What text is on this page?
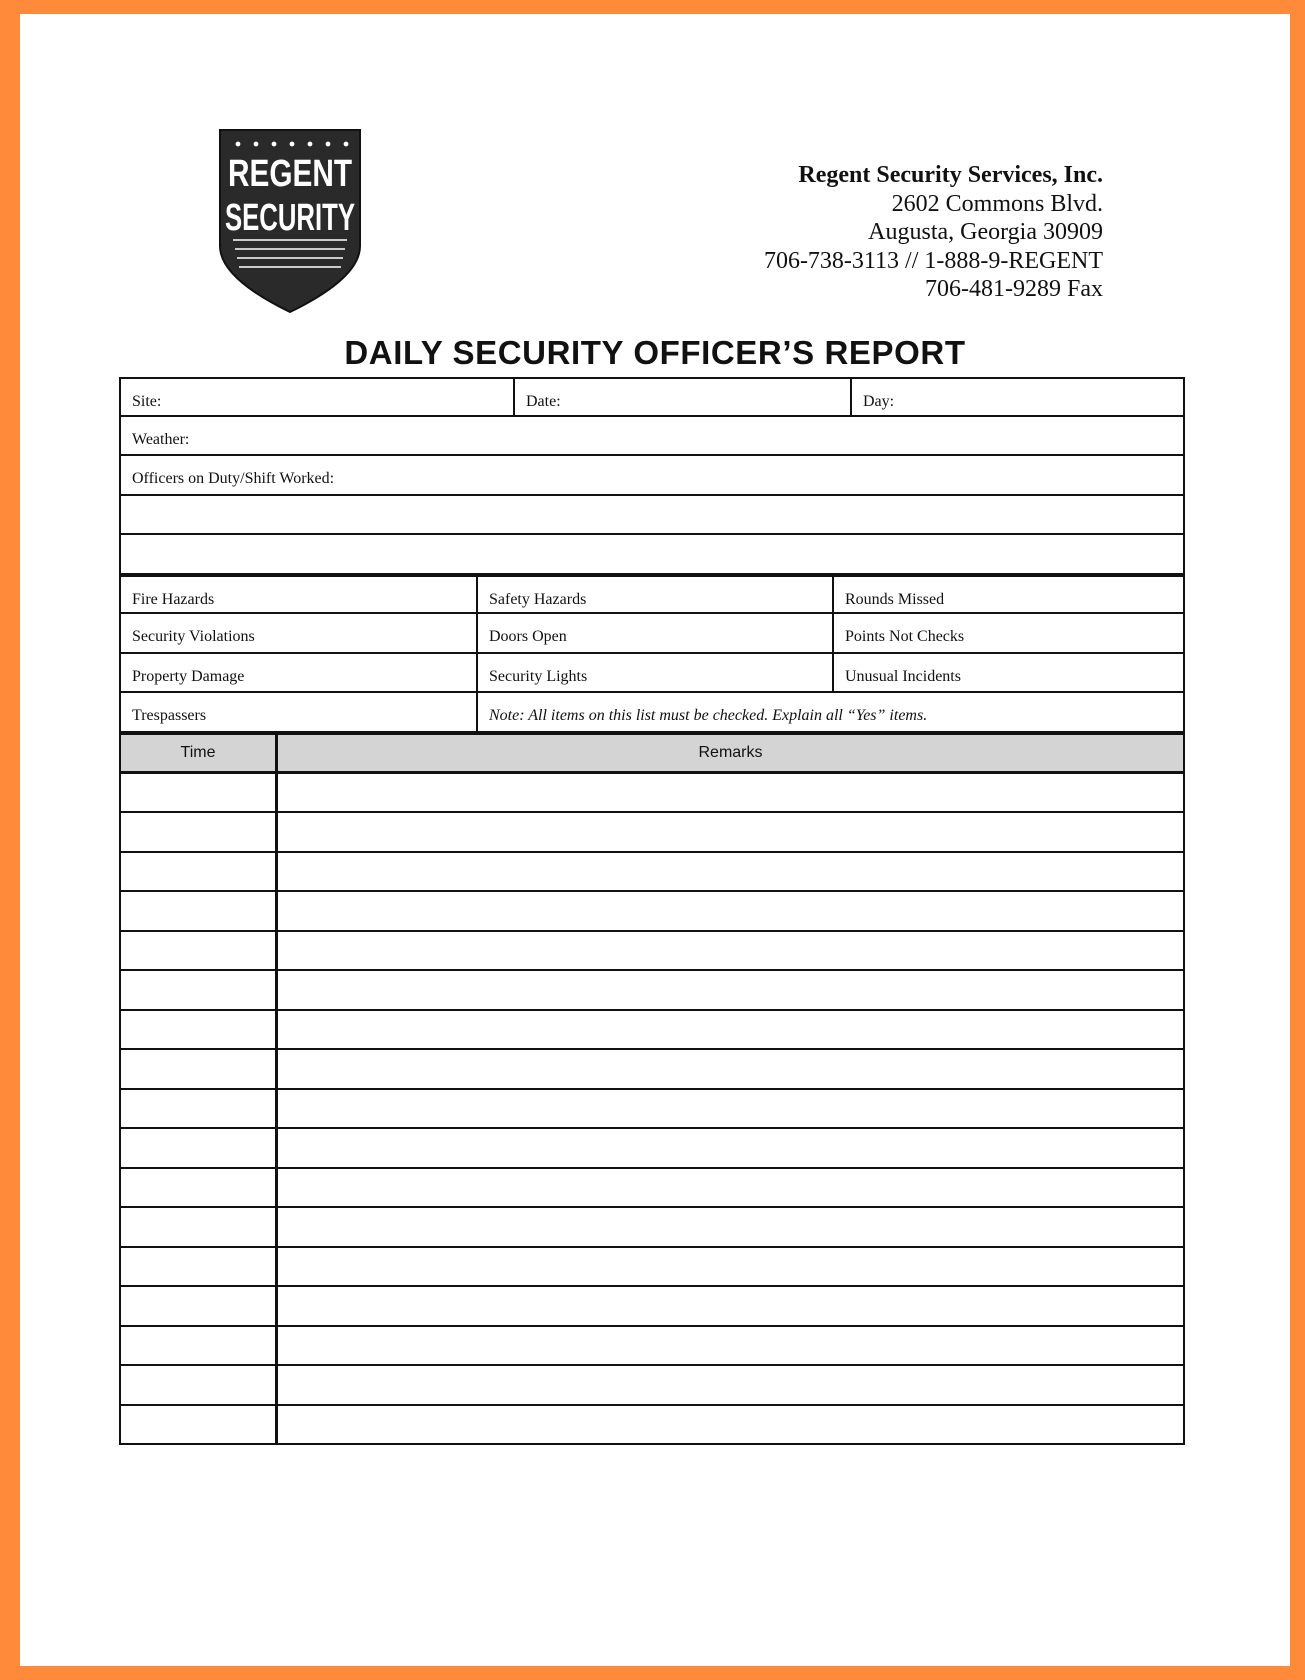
REGENT
SECURITY
Regent Security Services, Inc.
2602 Commons Blvd.
Augusta, Georgia 30909
706-738-3113 // 1-888-9-REGENT
706-481-9289 Fax
DAILY SECURITY OFFICER’S REPORT
Site:	Date:	Day:
Weather:
Officers on Duty/Shift Worked:
Fire Hazards	Safety Hazards	Rounds Missed
Security Violations	Doors Open	Points Not Checks
Property Damage	Security Lights	Unusual Incidents
Trespassers	Note: All items on this list must be checked. Explain all “Yes” items.
Time	Remarks
